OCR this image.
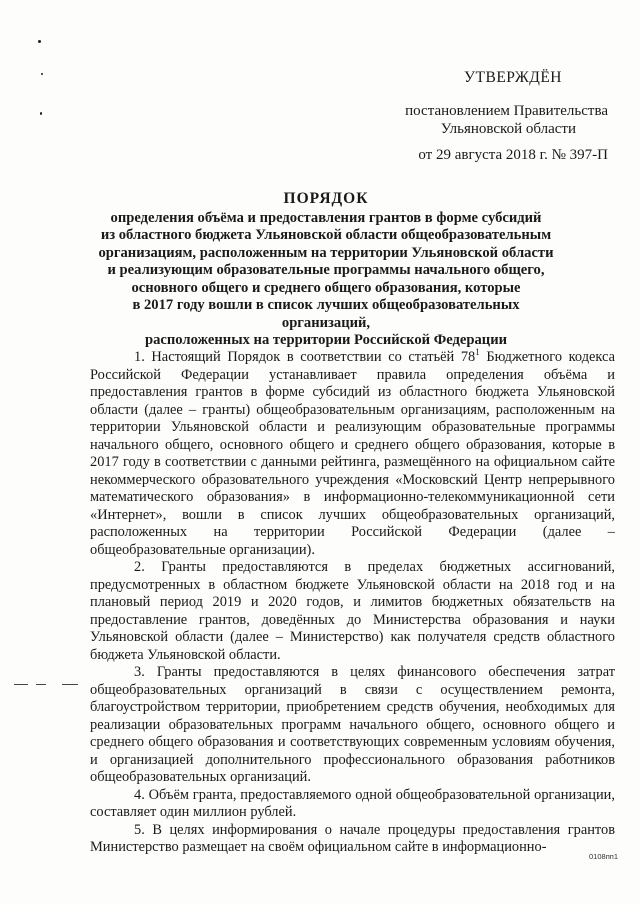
УТВЕРЖДЁН
постановлением Правительства
Ульяновской области
от 29 августа 2018 г. № 397-П
ПОРЯДОК
определения объёма и предоставления грантов в форме субсидий
из областного бюджета Ульяновской области общеобразовательным
организациям, расположенным на территории Ульяновской области
и реализующим образовательные программы начального общего,
основного общего и среднего общего образования, которые
в 2017 году вошли в список лучших общеобразовательных организаций,
расположенных на территории Российской Федерации

1. Настоящий Порядок в соответствии со статьёй $78^1$ Бюджетного кодекса Российской Федерации устанавливает правила определения объёма и предоставления грантов в форме субсидий из областного бюджета Ульяновской области (далее – гранты) общеобразовательным организациям, расположенным на территории Ульяновской области и реализующим образовательные программы начального общего, основного общего и среднего общего образования, которые в 2017 году в соответствии с данными рейтинга, размещённого на официальном сайте некоммерческого образовательного учреждения «Московский Центр непрерывного математического образования» в информационно-телекоммуникационной сети «Интернет», вошли в список лучших общеобразовательных организаций, расположенных на территории Российской Федерации (далее – общеобразовательные организации).

2. Гранты предоставляются в пределах бюджетных ассигнований, предусмотренных в областном бюджете Ульяновской области на 2018 год и на плановый период 2019 и 2020 годов, и лимитов бюджетных обязательств на предоставление грантов, доведённых до Министерства образования и науки Ульяновской области (далее – Министерство) как получателя средств областного бюджета Ульяновской области.

3. Гранты предоставляются в целях финансового обеспечения затрат общеобразовательных организаций в связи с осуществлением ремонта, благоустройством территории, приобретением средств обучения, необходимых для реализации образовательных программ начального общего, основного общего и среднего общего образования и соответствующих современным условиям обучения, и организацией дополнительного профессионального образования работников общеобразовательных организаций.

4. Объём гранта, предоставляемого одной общеобразовательной организации, составляет один миллион рублей.

5. В целях информирования о начале процедуры предоставления грантов Министерство размещает на своём официальном сайте в информационно-

0108пп1
